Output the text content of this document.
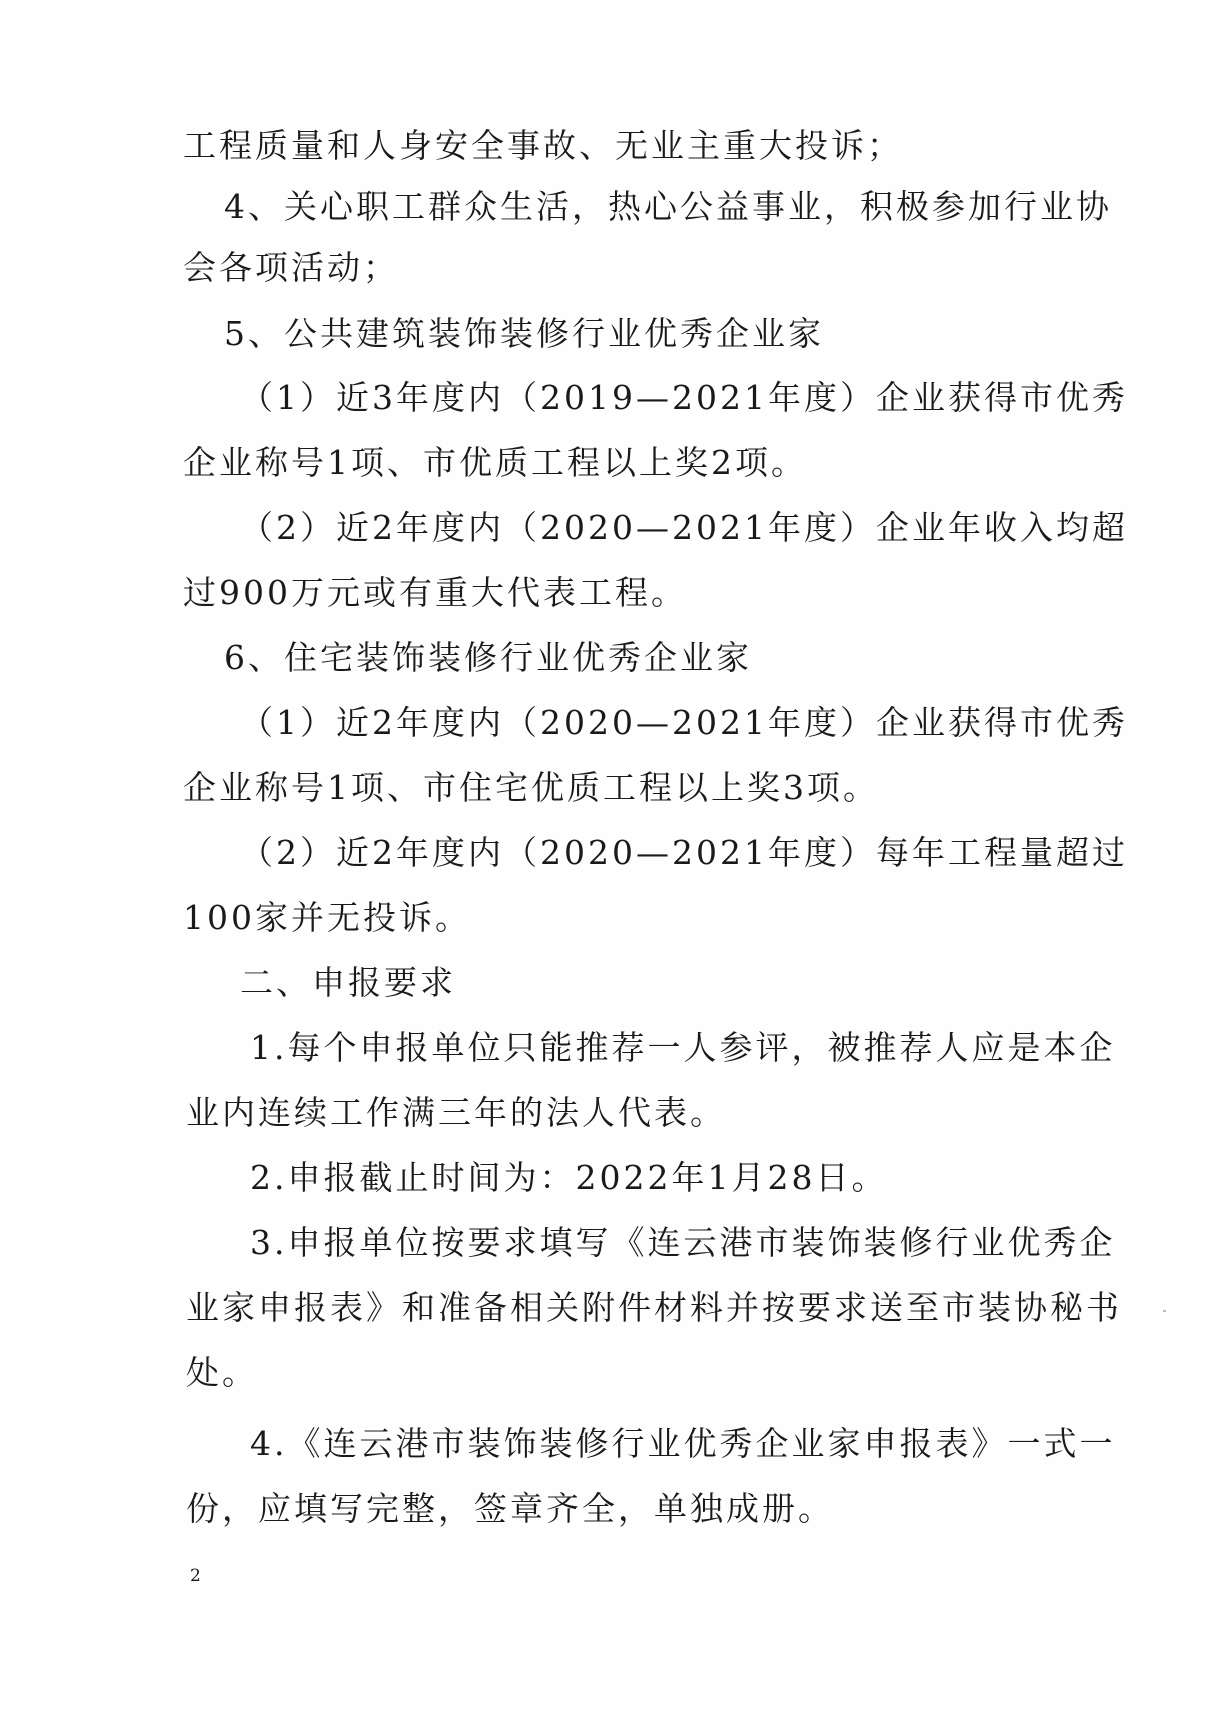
工程质量和人身安全事故、无业主重大投诉；
4、关心职工群众生活，热心公益事业，积极参加行业协
会各项活动；
5、公共建筑装饰装修行业优秀企业家
（1）近3年度内（2019—2021年度）企业获得市优秀
企业称号1项、市优质工程以上奖2项。
（2）近2年度内（2020—2021年度）企业年收入均超
过900万元或有重大代表工程。
6、住宅装饰装修行业优秀企业家
（1）近2年度内（2020—2021年度）企业获得市优秀
企业称号1项、市住宅优质工程以上奖3项。
（2）近2年度内（2020—2021年度）每年工程量超过
100家并无投诉。
二、申报要求
1.每个申报单位只能推荐一人参评，被推荐人应是本企
业内连续工作满三年的法人代表。
2.申报截止时间为：2022年1月28日。
3.申报单位按要求填写《连云港市装饰装修行业优秀企
业家申报表》和准备相关附件材料并按要求送至市装协秘书
处。
4.《连云港市装饰装修行业优秀企业家申报表》一式一
份，应填写完整，签章齐全，单独成册。
2
